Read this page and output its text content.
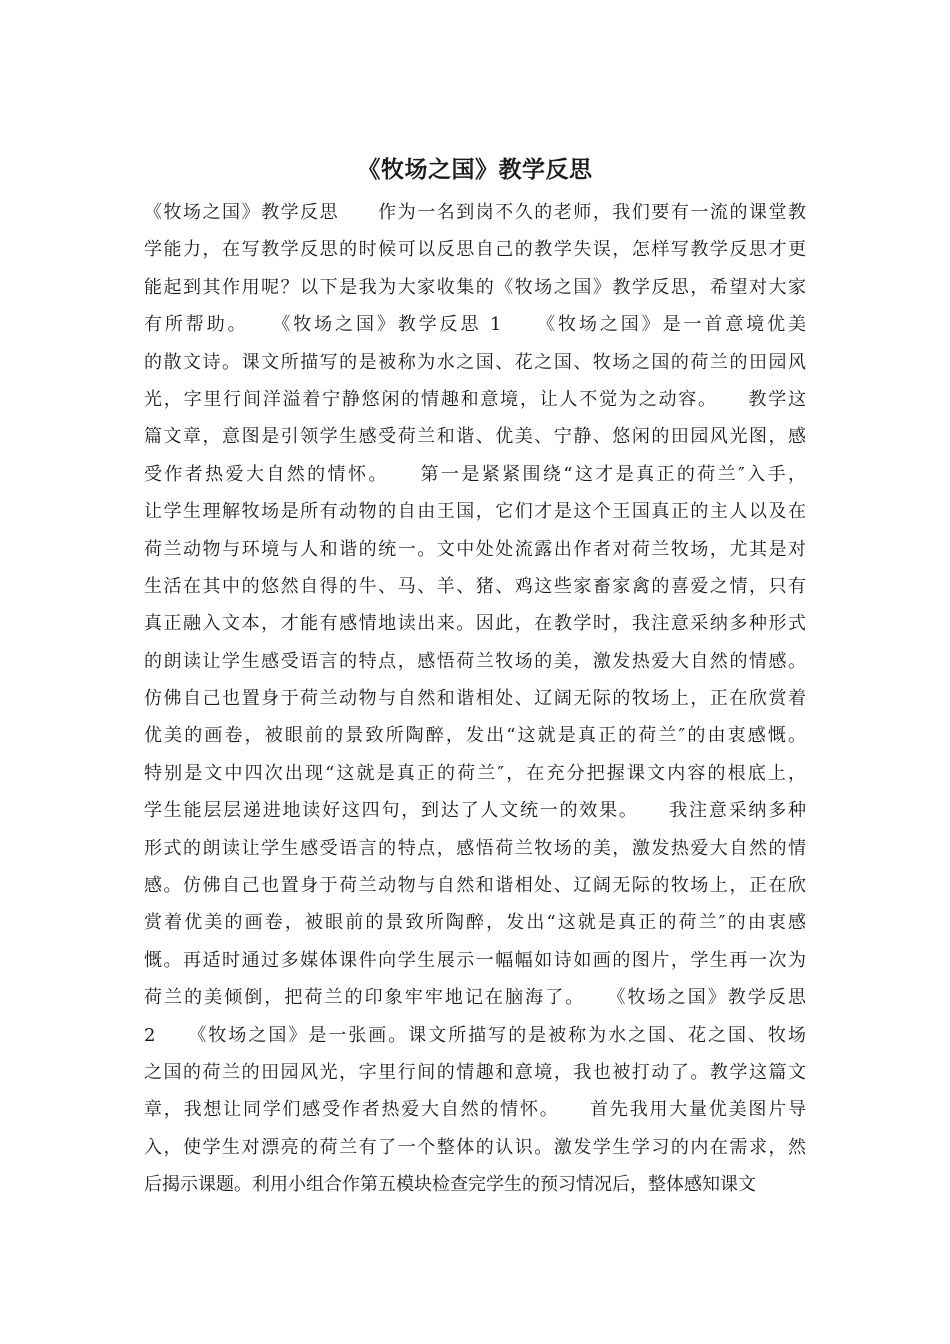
《牧场之国》教学反思
《牧场之国》教学反思　　作为一名到岗不久的老师，我们要有一流的课堂教
学能力，在写教学反思的时候可以反思自己的教学失误，怎样写教学反思才更
能起到其作用呢？以下是我为大家收集的《牧场之国》教学反思，希望对大家
有所帮助。　　《牧场之国》教学反思 1　　《牧场之国》是一首意境优美
的散文诗。课文所描写的是被称为水之国、花之国、牧场之国的荷兰的田园风
光，字里行间洋溢着宁静悠闲的情趣和意境，让人不觉为之动容。　　教学这
篇文章，意图是引领学生感受荷兰和谐、优美、宁静、悠闲的田园风光图，感
受作者热爱大自然的情怀。　　第一是紧紧围绕“这才是真正的荷兰″入手，
让学生理解牧场是所有动物的自由王国，它们才是这个王国真正的主人以及在
荷兰动物与环境与人和谐的统一。文中处处流露出作者对荷兰牧场，尤其是对
生活在其中的悠然自得的牛、马、羊、猪、鸡这些家畜家禽的喜爱之情，只有
真正融入文本，才能有感情地读出来。因此，在教学时，我注意采纳多种形式
的朗读让学生感受语言的特点，感悟荷兰牧场的美，激发热爱大自然的情感。
仿佛自己也置身于荷兰动物与自然和谐相处、辽阔无际的牧场上，正在欣赏着
优美的画卷，被眼前的景致所陶醉，发出“这就是真正的荷兰″的由衷感慨。
特别是文中四次出现“这就是真正的荷兰″，在充分把握课文内容的根底上，
学生能层层递进地读好这四句，到达了人文统一的效果。　　我注意采纳多种
形式的朗读让学生感受语言的特点，感悟荷兰牧场的美，激发热爱大自然的情
感。仿佛自己也置身于荷兰动物与自然和谐相处、辽阔无际的牧场上，正在欣
赏着优美的画卷，被眼前的景致所陶醉，发出“这就是真正的荷兰″的由衷感
慨。再适时通过多媒体课件向学生展示一幅幅如诗如画的图片，学生再一次为
荷兰的美倾倒，把荷兰的印象牢牢地记在脑海了。　　《牧场之国》教学反思
2　　《牧场之国》是一张画。课文所描写的是被称为水之国、花之国、牧场
之国的荷兰的田园风光，字里行间的情趣和意境，我也被打动了。教学这篇文
章，我想让同学们感受作者热爱大自然的情怀。　　首先我用大量优美图片导
入，使学生对漂亮的荷兰有了一个整体的认识。激发学生学习的内在需求，然
后揭示课题。利用小组合作第五模块检查完学生的预习情况后，整体感知课文
